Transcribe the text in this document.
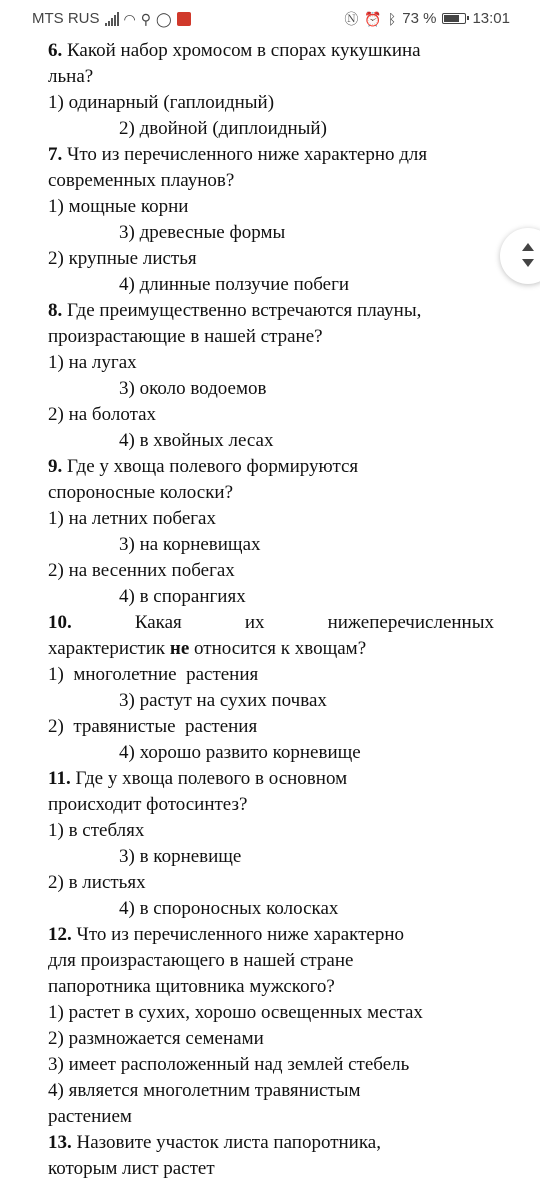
MTS RUS ◠ ⚲ ◯	Ⓝ ⏰ ᛒ 73 % 13:01
6. Какой набор хромосом в спорах кукушкина
льна?
1) одинарный (гаплоидный)
2) двойной (диплоидный)
7. Что из перечисленного ниже характерно для
современных плаунов?
1) мощные корни
3) древесные формы
2) крупные листья
4) длинные ползучие побеги
8. Где преимущественно встречаются плауны,
произрастающие в нашей стране?
1) на лугах
3) около водоемов
2) на болотах
4) в хвойных лесах
9. Где у хвоща полевого формируются
спороносные колоски?
1) на летних побегах
3) на корневищах
2) на весенних побегах
4) в спорангиях
10.	Какая	их	нижеперечисленных
характеристик не относится к хвощам?
1)  многолетние  растения
3) растут на сухих почвах
2)  травянистые  растения
4) хорошо развито корневище
11. Где у хвоща полевого в основном
происходит фотосинтез?
1) в стеблях
3) в корневище
2) в листьях
4) в спороносных колосках
12. Что из перечисленного ниже характерно
для произрастающего в нашей стране
папоротника щитовника мужского?
1) растет в сухих, хорошо освещенных местах
2) размножается семенами
3) имеет расположенный над землей стебель
4) является многолетним травянистым
растением
13. Назовите участок листа папоротника,
которым лист растет
